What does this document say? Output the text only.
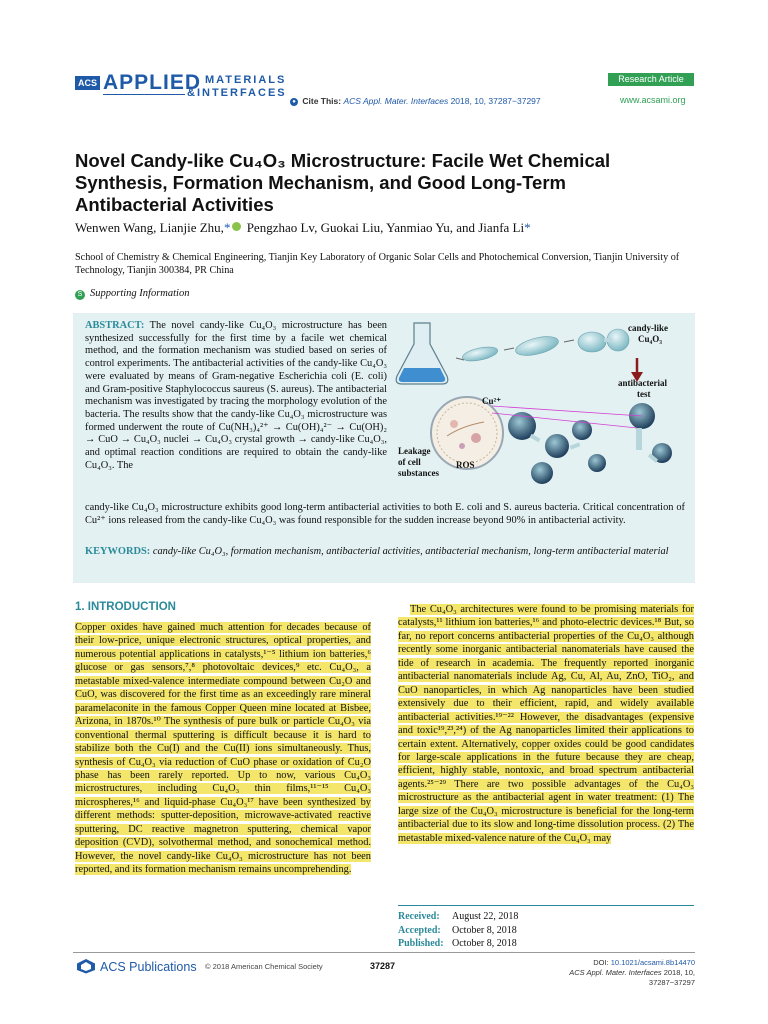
ACS APPLIED MATERIALS
&INTERFACES
● Cite This: ACS Appl. Mater. Interfaces 2018, 10, 37287−37297
Research Article
www.acsami.org
Novel Candy-like Cu₄O₃ Microstructure: Facile Wet Chemical Synthesis, Formation Mechanism, and Good Long-Term Antibacterial Activities
Wenwen Wang, Lianjie Zhu,* Pengzhao Lv, Guokai Liu, Yanmiao Yu, and Jianfa Li*
School of Chemistry & Chemical Engineering, Tianjin Key Laboratory of Organic Solar Cells and Photochemical Conversion, Tianjin University of Technology, Tianjin 300384, PR China
S Supporting Information
ABSTRACT: The novel candy-like Cu₄O₃ microstructure has been synthesized successfully for the first time by a facile wet chemical method, and the formation mechanism was studied based on series of control experiments. The antibacterial activities of the candy-like Cu₄O₃ were evaluated by means of Gram-negative Escherichia coli (E. coli) and Gram-positive Staphylococcus saureus (S. aureus). The antibacterial mechanism was investigated by tracing the morphology evolution of the bacteria. The results show that the candy-like Cu₄O₃ microstructure was formed underwent the route of Cu(NH₃)₄²⁺ → Cu(OH)₄²⁻ → Cu(OH)₂ → CuO → Cu₄O₃ nuclei → Cu₄O₃ crystal growth → candy-like Cu₄O₃, and optimal reaction conditions are required to obtain the candy-like Cu₄O₃. The
candy-like Cu₄O₃ microstructure exhibits good long-term antibacterial activities to both E. coli and S. aureus bacteria. Critical concentration of Cu²⁺ ions released from the candy-like Cu₄O₃ was found responsible for the sudden increase beyond 90% in antibacterial activity.
KEYWORDS: candy-like Cu₄O₃, formation mechanism, antibacterial activities, antibacterial mechanism, long-term antibacterial material
candy-like
Cu₄O₃
antibacterial
test
Cu²⁺
Leakage
of cell
substances
ROS
1. INTRODUCTION

Copper oxides have gained much attention for decades because of their low-price, unique electronic structures, optical properties, and numerous potential applications in catalysts,¹⁻⁵ lithium ion batteries,⁶ glucose or gas sensors,⁷,⁸ photovoltaic devices,⁹ etc. Cu₄O₃, a metastable mixed-valence intermediate compound between Cu₂O and CuO, was discovered for the first time as an exceedingly rare mineral paramelaconite in the famous Copper Queen mine located at Bisbee, Arizona, in 1870s.¹⁰ The synthesis of pure bulk or particle Cu₄O₃ via conventional thermal sputtering is difficult because it is hard to stabilize both the Cu(I) and the Cu(II) ions simultaneously. Thus, synthesis of Cu₄O₃ via reduction of CuO phase or oxidation of Cu₂O phase has been rarely reported. Up to now, various Cu₄O₃ microstructures, including Cu₄O₃ thin films,¹¹⁻¹⁵ Cu₄O₃ microspheres,¹⁶ and liquid-phase Cu₄O₃¹⁷ have been synthesized by different methods: sputter-deposition, microwave-activated reactive sputtering, DC reactive magnetron sputtering, chemical vapor deposition (CVD), solvothermal method, and sonochemical method. However, the novel candy-like Cu₄O₃ microstructure has not been reported, and its formation mechanism remains uncomprehending.

The Cu₄O₃ architectures were found to be promising materials for catalysts,¹¹ lithium ion batteries,¹⁶ and photo-electric devices.¹⁸ But, so far, no report concerns antibacterial properties of the Cu₄O₃ although recently some inorganic antibacterial nanomaterials have caused the tide of research in academia. The frequently reported inorganic antibacterial nanomaterials include Ag, Cu, Al, Au, ZnO, TiO₂, and CuO nanoparticles, in which Ag nanoparticles have been studied extensively due to their efficient, rapid, and widely available antibacterial activities.¹⁹⁻²² However, the disadvantages (expensive and toxic¹⁹,²³,²⁴) of the Ag nanoparticles limited their applications to certain extent. Alternatively, copper oxides could be good candidates for large-scale applications in the future because they are cheap, efficient, highly stable, nontoxic, and broad spectrum antibacterial agents.²⁵⁻²⁹ There are two possible advantages of the Cu₄O₃ microstructure as the antibacterial agent in water treatment: (1) The large size of the Cu₄O₃ microstructure is beneficial for the long-term antibacterial due to its slow and long-time dissolution process. (2) The metastable mixed-valence nature of the Cu₄O₃ may

Received: August 22, 2018
Accepted: October 8, 2018
Published: October 8, 2018
ACS Publications © 2018 American Chemical Society	37287	DOI: 10.1021/acsami.8b14470
ACS Appl. Mater. Interfaces 2018, 10, 37287−37297
